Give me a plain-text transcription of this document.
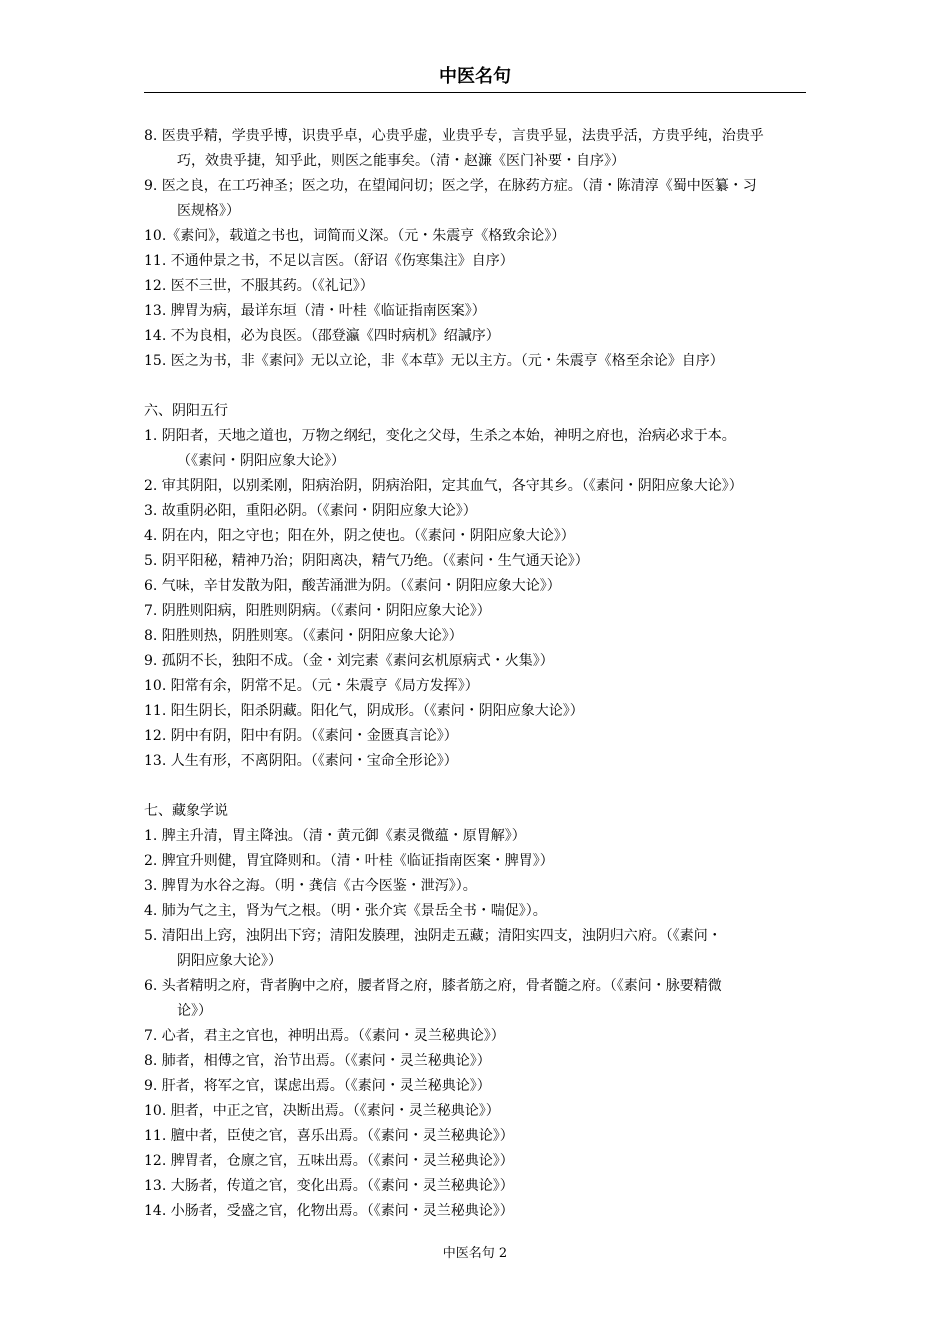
中医名句
8. 医贵乎精，学贵乎博，识贵乎卓，心贵乎虚，业贵乎专，言贵乎显，法贵乎活，方贵乎纯，治贵乎
巧，效贵乎捷，知乎此，则医之能事矣。（清・赵濂《医门补要・自序》）
9. 医之良，在工巧神圣；医之功，在望闻问切；医之学，在脉药方症。（清・陈清淳《蜀中医纂・习
医规格》）
10.《素问》，载道之书也，词简而义深。（元・朱震亨《格致余论》）
11. 不通仲景之书，不足以言医。（舒诏《伤寒集注》自序）
12. 医不三世，不服其药。（《礼记》）
13. 脾胃为病，最详东垣（清・叶桂《临证指南医案》）
14. 不为良相，必为良医。（邵登瀛《四时病机》绍諴序）
15. 医之为书，非《素问》无以立论，非《本草》无以主方。（元・朱震亨《格至余论》自序）
六、阴阳五行
1. 阴阳者，天地之道也，万物之纲纪，变化之父母，生杀之本始，神明之府也，治病必求于本。
（《素问・阴阳应象大论》）
2. 审其阴阳，以别柔刚，阳病治阴，阴病治阳，定其血气，各守其乡。（《素问・阴阳应象大论》）
3. 故重阴必阳，重阳必阴。（《素问・阴阳应象大论》）
4. 阴在内，阳之守也；阳在外，阴之使也。（《素问・阴阳应象大论》）
5. 阴平阳秘，精神乃治；阴阳离决，精气乃绝。（《素问・生气通天论》）
6. 气味，辛甘发散为阳，酸苦涌泄为阴。（《素问・阴阳应象大论》）
7. 阴胜则阳病，阳胜则阴病。（《素问・阴阳应象大论》）
8. 阳胜则热，阴胜则寒。（《素问・阴阳应象大论》）
9. 孤阴不长，独阳不成。（金・刘完素《素问玄机原病式・火集》）
10. 阳常有余，阴常不足。（元・朱震亨《局方发挥》）
11. 阳生阴长，阳杀阴藏。阳化气，阴成形。（《素问・阴阳应象大论》）
12. 阴中有阴，阳中有阴。（《素问・金匮真言论》）
13. 人生有形，不离阴阳。（《素问・宝命全形论》）
七、藏象学说
1. 脾主升清，胃主降浊。（清・黄元御《素灵微蕴・原胃解》）
2. 脾宜升则健，胃宜降则和。（清・叶桂《临证指南医案・脾胃》）
3. 脾胃为水谷之海。（明・龚信《古今医鉴・泄泻》）。
4. 肺为气之主，肾为气之根。（明・张介宾《景岳全书・喘促》）。
5. 清阳出上窍，浊阴出下窍；清阳发腠理，浊阴走五藏；清阳实四支，浊阴归六府。（《素问・
阴阳应象大论》）
6. 头者精明之府，背者胸中之府，腰者肾之府，膝者筋之府，骨者髓之府。（《素问・脉要精微
论》）
7. 心者，君主之官也，神明出焉。（《素问・灵兰秘典论》）
8. 肺者，相傅之官，治节出焉。（《素问・灵兰秘典论》）
9. 肝者，将军之官，谋虑出焉。（《素问・灵兰秘典论》）
10. 胆者，中正之官，决断出焉。（《素问・灵兰秘典论》）
11. 膻中者，臣使之官，喜乐出焉。（《素问・灵兰秘典论》）
12. 脾胃者，仓廪之官，五味出焉。（《素问・灵兰秘典论》）
13. 大肠者，传道之官，变化出焉。（《素问・灵兰秘典论》）
14. 小肠者，受盛之官，化物出焉。（《素问・灵兰秘典论》）
中医名句 2
